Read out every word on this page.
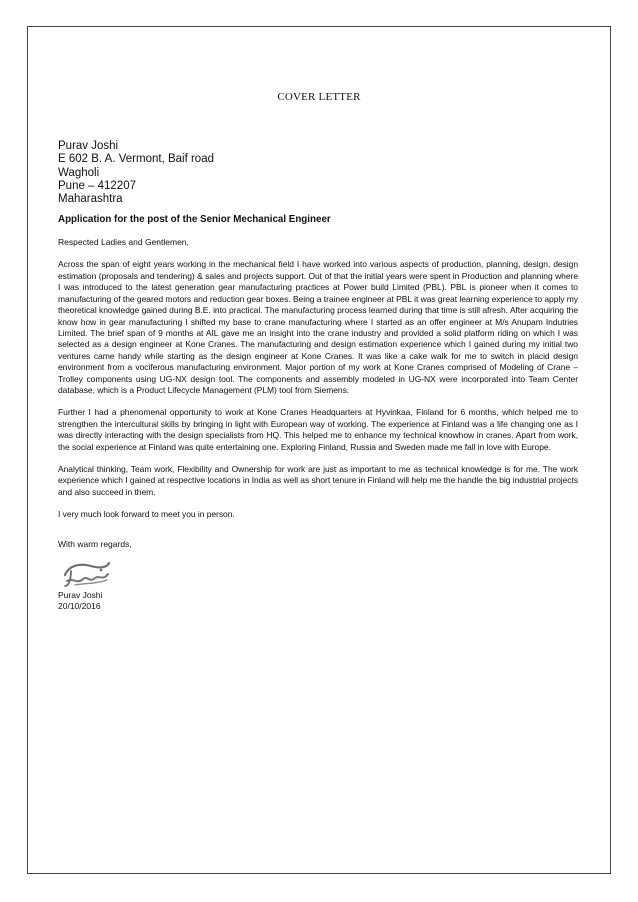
COVER LETTER

Purav Joshi

E 602 B. A. Vermont, Baif road

Wagholi

Pune – 412207

Maharashtra

Application for the post of the Senior Mechanical Engineer

Respected Ladies and Gentlemen,

Across the span of eight years working in the mechanical field I have worked into various aspects of production, planning, design, design estimation (proposals and tendering) & sales and projects support. Out of that the initial years were spent in Production and planning where I was introduced to the latest generation gear manufacturing practices at Power build Limited (PBL). PBL is pioneer when it comes to manufacturing of the geared motors and reduction gear boxes. Being a trainee engineer at PBL it was great learning experience to apply my theoretical knowledge gained during B.E. into practical. The manufacturing process learned during that time is still afresh. After acquiring the know how in gear manufacturing I shifted my base to crane manufacturing where I started as an offer engineer at M/s Anupam Indutries Limited. The brief span of 9 months at AIL gave me an insight into the crane industry and provided a solid platform riding on which I was selected as a design engineer at Kone Cranes. The manufacturing and design estimation experience which I gained during my initial two ventures came handy while starting as the design engineer at Kone Cranes. It was like a cake walk for me to switch in placid design environment from a vociferous manufacturing environment. Major portion of my work at Kone Cranes comprised of Modeling of Crane – Trolley components using UG-NX design tool. The components and assembly modeled in UG-NX were incorporated into Team Center database, which is a Product Lifecycle Management (PLM) tool from Siemens.

Further I had a phenomenal opportunity to work at Kone Cranes Headquarters at Hyvinkaa, Finland for 6 months, which helped me to strengthen the intercultural skills by bringing in light with European way of working. The experience at Finland was a life changing one as I was directly interacting with the design specialists from HQ. This helped me to enhance my technical knowhow in cranes. Apart from work, the social experience at Finland was quite entertaining one. Exploring Finland, Russia and Sweden made me fall in love with Europe.

Analytical thinking, Team work, Flexibility and Ownership for work are just as important to me as technical knowledge is for me. The work experience which I gained at respective locations in India as well as short tenure in Finland will help me the handle the big industrial projects and also succeed in them.

I very much look forward to meet you in person.

With warm regards,

Purav Joshi

20/10/2016
